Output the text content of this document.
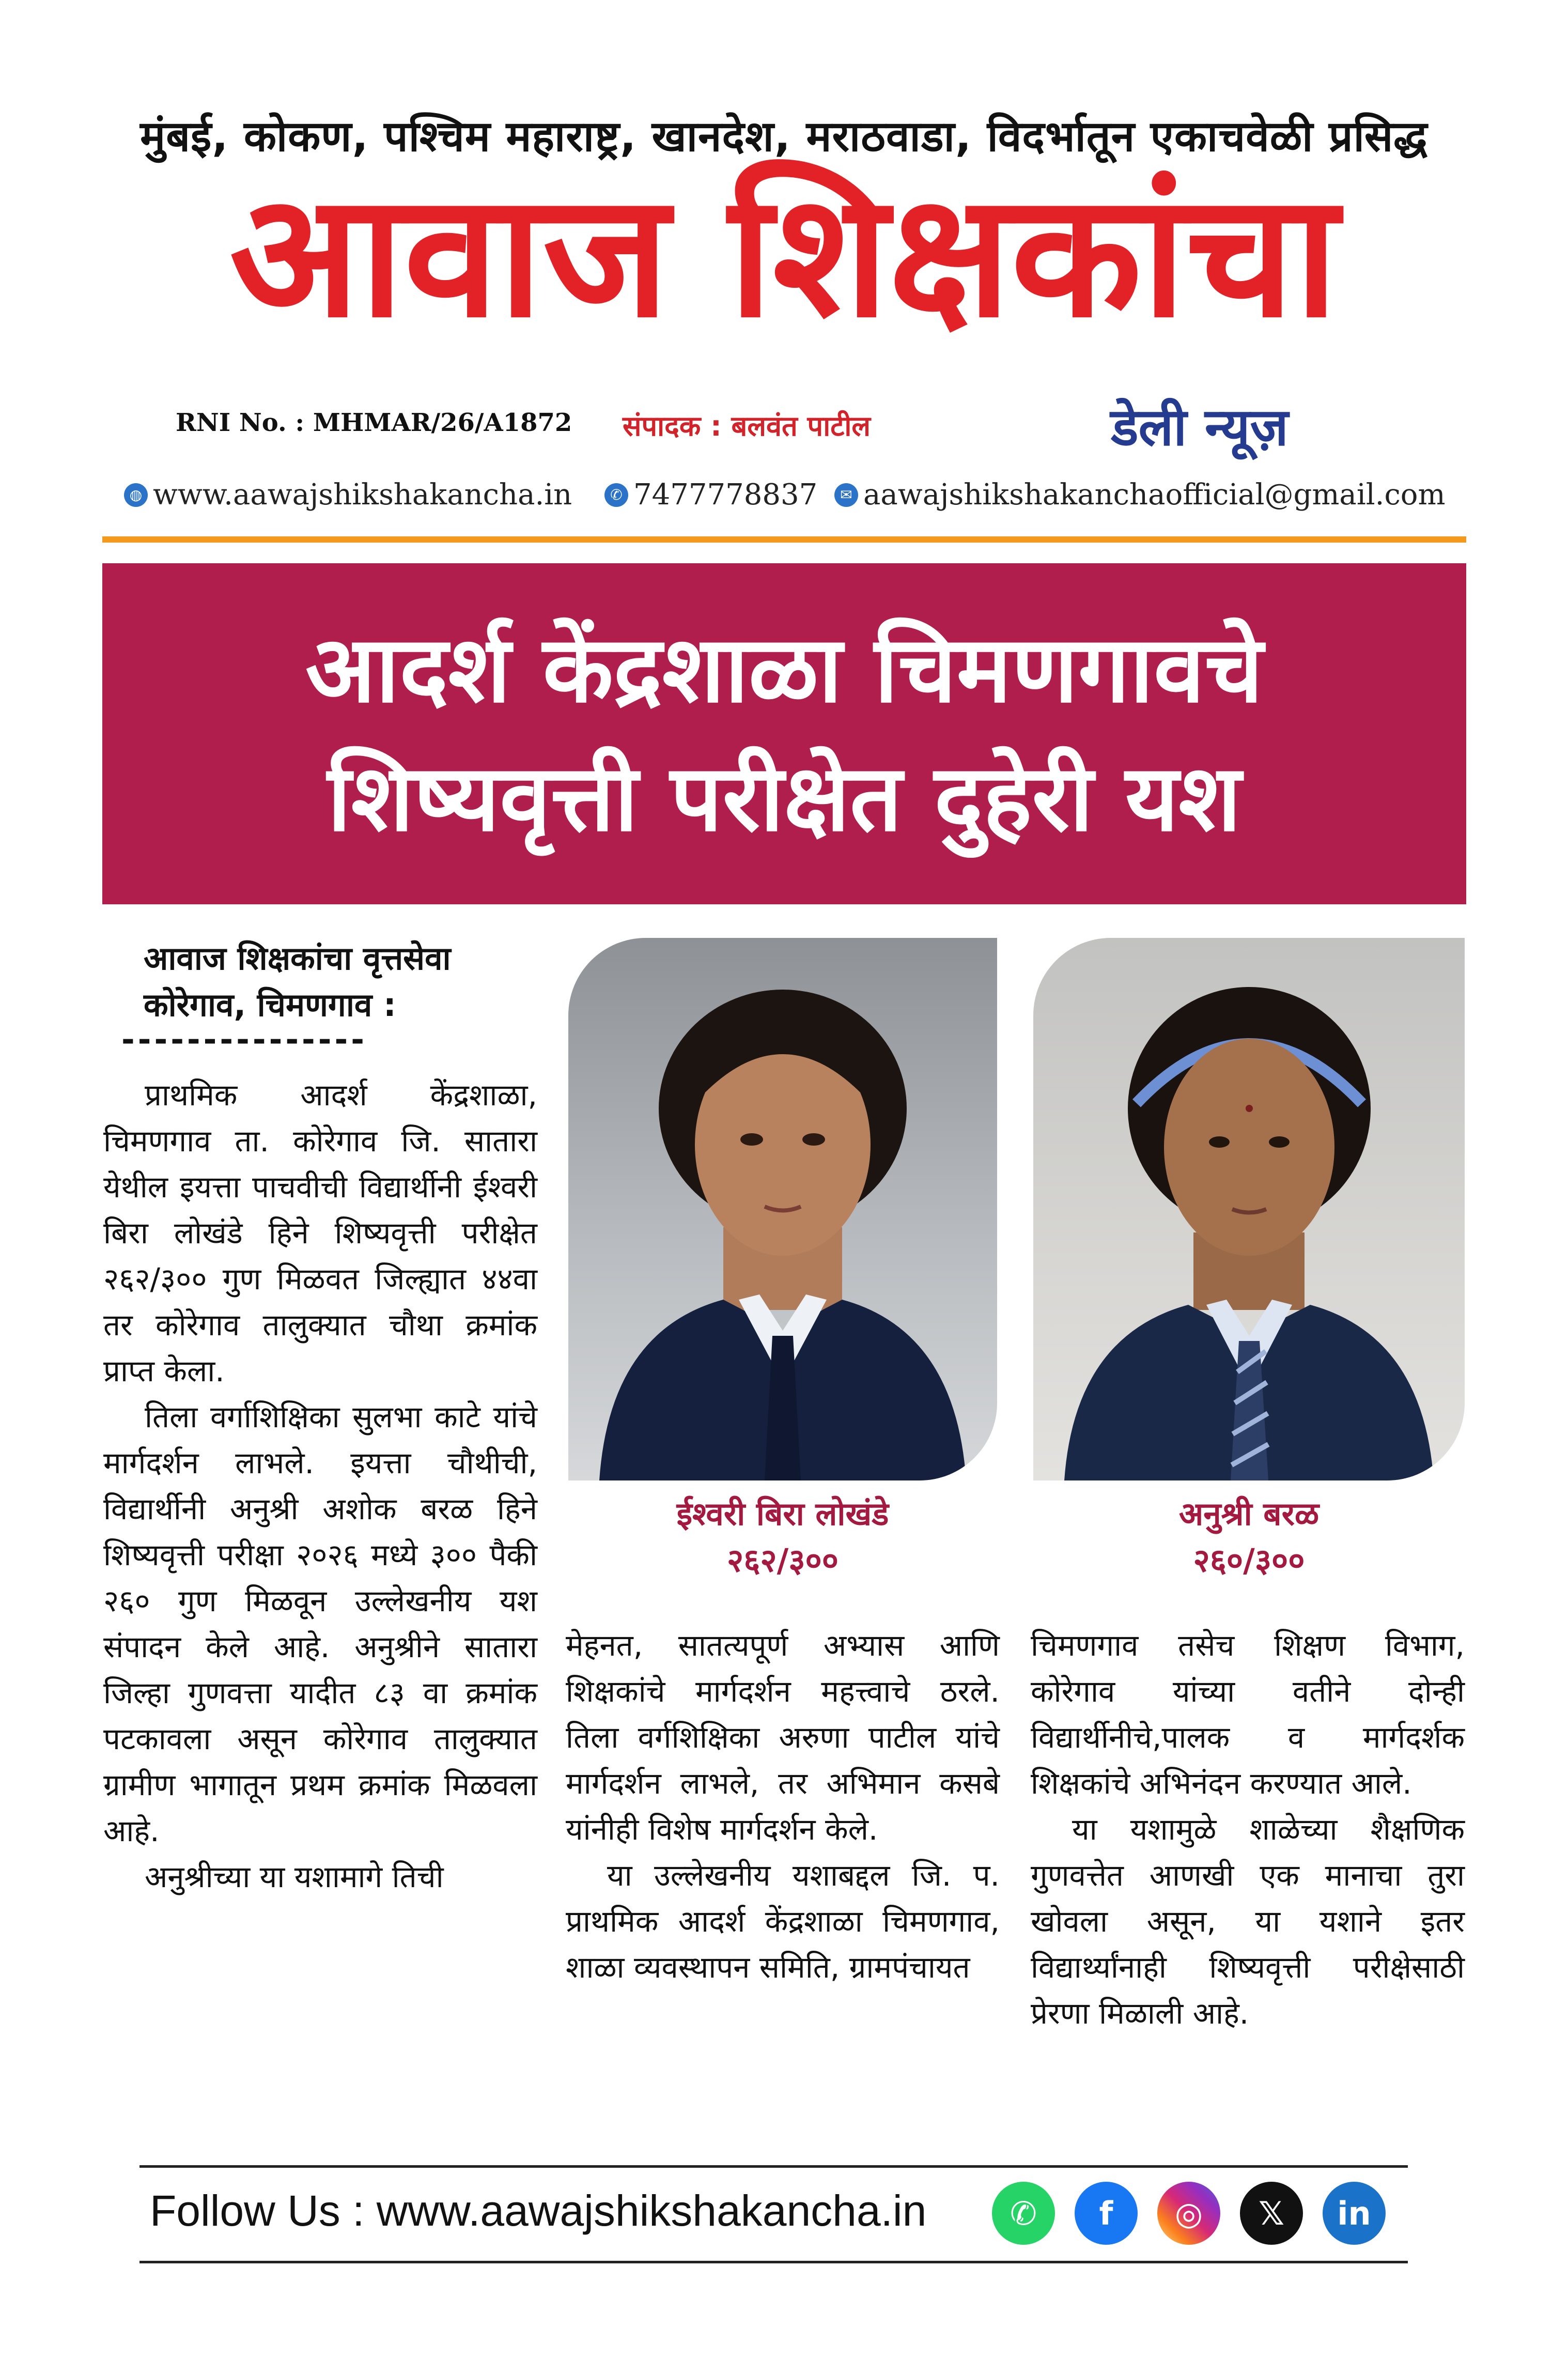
मुंबई, कोकण, पश्चिम महाराष्ट्र, खानदेश, मराठवाडा, विदर्भातून एकाचवेळी प्रसिद्ध
आवाज शिक्षकांचा
RNI No. : MHMAR/26/A1872 संपादक : बलवंत पाटील	डेली न्यूज़
◍ www.aawajshikshakancha.in	✆ 7477778837	✉ aawajshikshakanchaofficial@gmail.com
आदर्श केंद्रशाळा चिमणगावचे
शिष्यवृत्ती परीक्षेत दुहेरी यश
आवाज शिक्षकांचा वृत्तसेवा
कोरेगाव, चिमणगाव :
---------------

प्राथमिक आदर्श केंद्रशाळा, चिमणगाव ता. कोरेगाव जि. सातारा येथील इयत्ता पाचवीची विद्यार्थीनी ईश्वरी बिरा लोखंडे हिने शिष्यवृत्ती परीक्षेत २६२/३०० गुण मिळवत जिल्ह्यात ४४वा तर कोरेगाव तालुक्यात चौथा क्रमांक प्राप्त केला.

तिला वर्गाशिक्षिका सुलभा काटे यांचे मार्गदर्शन लाभले. इयत्ता चौथीची, विद्यार्थीनी अनुश्री अशोक बरळ हिने शिष्यवृत्ती परीक्षा २०२६ मध्ये ३०० पैकी २६० गुण मिळवून उल्लेखनीय यश संपादन केले आहे. अनुश्रीने सातारा जिल्हा गुणवत्ता यादीत ८३ वा क्रमांक पटकावला असून कोरेगाव तालुक्यात ग्रामीण भागातून प्रथम क्रमांक मिळवला आहे.

अनुश्रीच्या या यशामागे तिची

ईश्वरी बिरा लोखंडे
२६२/३००
अनुश्री बरळ
२६०/३००

मेहनत, सातत्यपूर्ण अभ्यास आणि शिक्षकांचे मार्गदर्शन महत्त्वाचे ठरले. तिला वर्गशिक्षिका अरुणा पाटील यांचे मार्गदर्शन लाभले, तर अभिमान कसबे यांनीही विशेष मार्गदर्शन केले.

या उल्लेखनीय यशाबद्दल जि. प. प्राथमिक आदर्श केंद्रशाळा चिमणगाव, शाळा व्यवस्थापन समिति, ग्रामपंचायत

चिमणगाव तसेच शिक्षण विभाग, कोरेगाव यांच्या वतीने दोन्ही विद्यार्थीनीचे,पालक व मार्गदर्शक शिक्षकांचे अभिनंदन करण्यात आले.

या यशामुळे शाळेच्या शैक्षणिक गुणवत्तेत आणखी एक मानाचा तुरा खोवला असून, या यशाने इतर विद्यार्थ्यांनाही शिष्यवृत्ती परीक्षेसाठी प्रेरणा मिळाली आहे.

Follow Us : www.aawajshikshakancha.in	✆ f ◎ 𝕏 in
